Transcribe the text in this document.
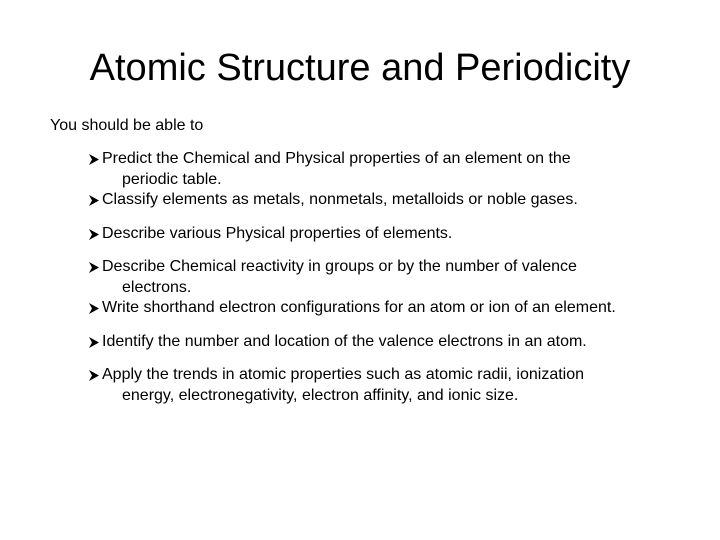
Atomic Structure and Periodicity

You should be able to

Predict the Chemical and Physical properties of an element on the
periodic table.
Classify elements as metals, nonmetals, metalloids or noble gases.
Describe various Physical properties of elements.
Describe Chemical reactivity in groups or by the number of valence
electrons.
Write shorthand electron configurations for an atom or ion of an element.
Identify the number and location of the valence electrons in an atom.
Apply the trends in atomic properties such as atomic radii, ionization
energy, electronegativity, electron affinity, and ionic size.
